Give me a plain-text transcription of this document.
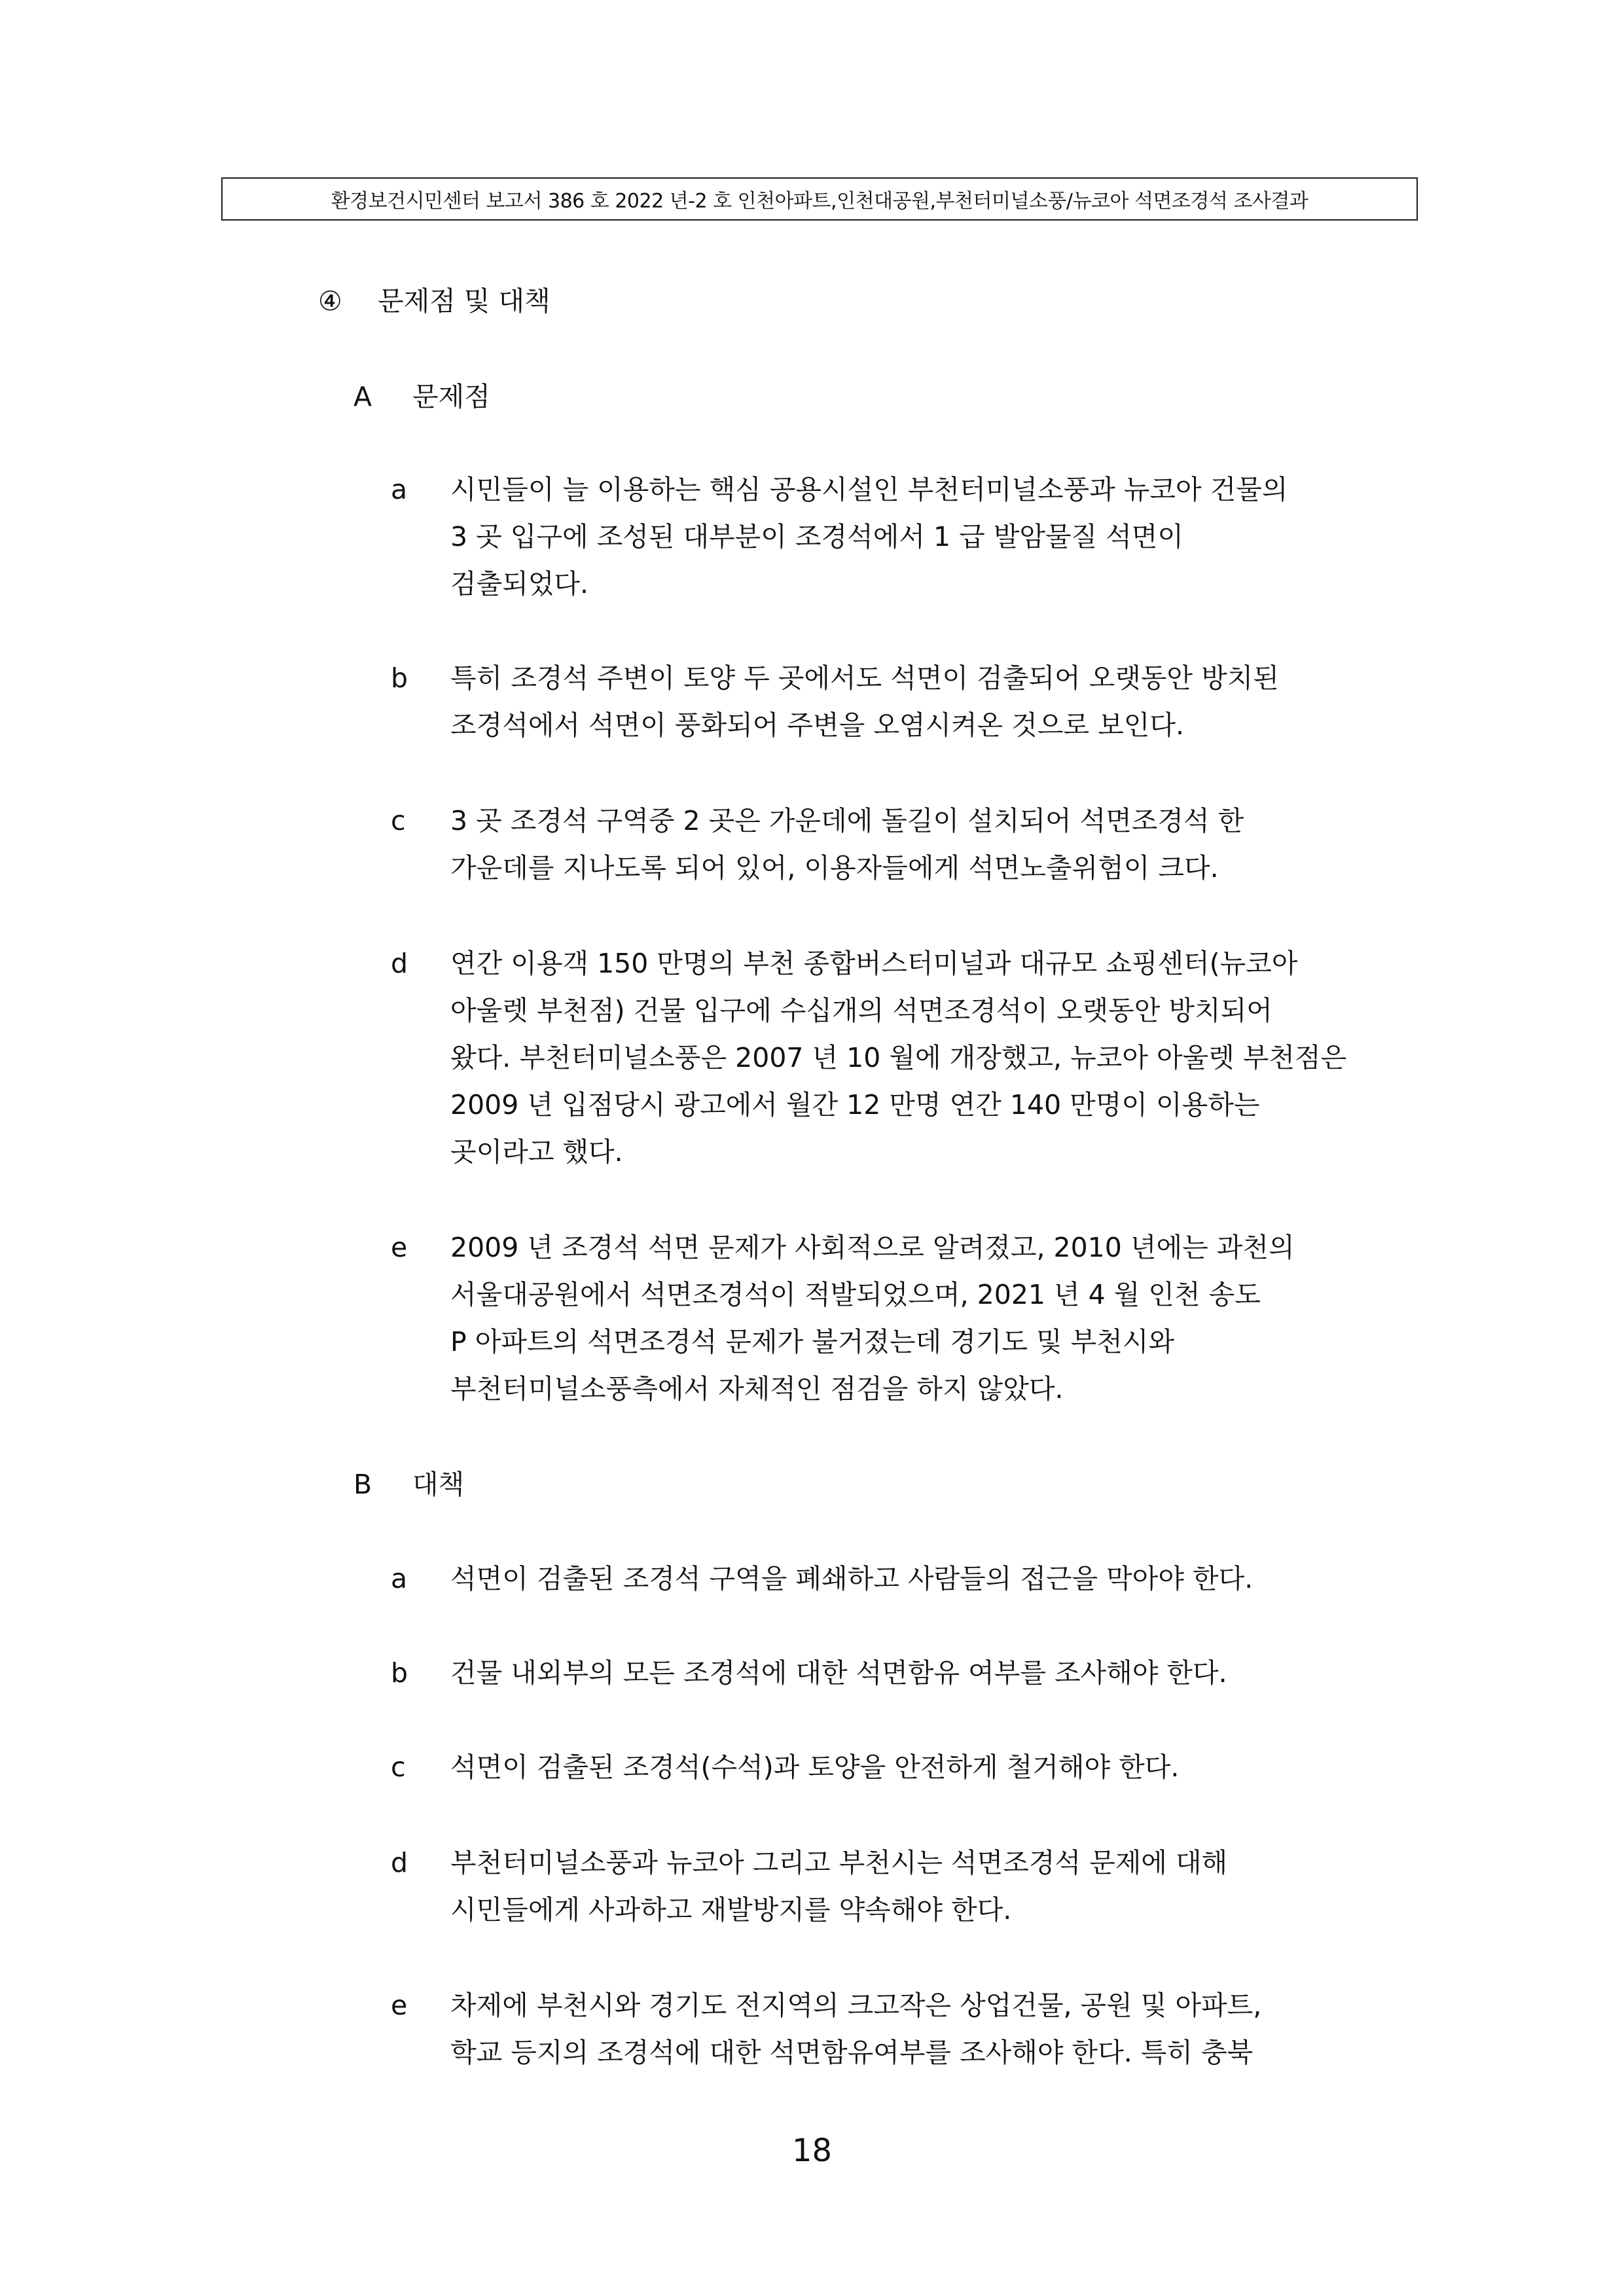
환경보건시민센터 보고서 386 호 2022 년-2 호 인천아파트,인천대공원,부천터미널소풍/뉴코아 석면조경석 조사결과
④ 문제점 및 대책
A 문제점
a 시민들이 늘 이용하는 핵심 공용시설인 부천터미널소풍과 뉴코아 건물의
3 곳 입구에 조성된 대부분이 조경석에서 1 급 발암물질 석면이
검출되었다.
b 특히 조경석 주변이 토양 두 곳에서도 석면이 검출되어 오랫동안 방치된
조경석에서 석면이 풍화되어 주변을 오염시켜온 것으로 보인다.
c 3 곳 조경석 구역중 2 곳은 가운데에 돌길이 설치되어 석면조경석 한
가운데를 지나도록 되어 있어, 이용자들에게 석면노출위험이 크다.
d 연간 이용객 150 만명의 부천 종합버스터미널과 대규모 쇼핑센터(뉴코아
아울렛 부천점) 건물 입구에 수십개의 석면조경석이 오랫동안 방치되어
왔다. 부천터미널소풍은 2007 년 10 월에 개장했고, 뉴코아 아울렛 부천점은
2009 년 입점당시 광고에서 월간 12 만명 연간 140 만명이 이용하는
곳이라고 했다.
e 2009 년 조경석 석면 문제가 사회적으로 알려졌고, 2010 년에는 과천의
서울대공원에서 석면조경석이 적발되었으며, 2021 년 4 월 인천 송도
P 아파트의 석면조경석 문제가 불거졌는데 경기도 및 부천시와
부천터미널소풍측에서 자체적인 점검을 하지 않았다.
B 대책
a 석면이 검출된 조경석 구역을 폐쇄하고 사람들의 접근을 막아야 한다.
b 건물 내외부의 모든 조경석에 대한 석면함유 여부를 조사해야 한다.
c 석면이 검출된 조경석(수석)과 토양을 안전하게 철거해야 한다.
d 부천터미널소풍과 뉴코아 그리고 부천시는 석면조경석 문제에 대해
시민들에게 사과하고 재발방지를 약속해야 한다.
e 차제에 부천시와 경기도 전지역의 크고작은 상업건물, 공원 및 아파트,
학교 등지의 조경석에 대한 석면함유여부를 조사해야 한다. 특히 충북
18
